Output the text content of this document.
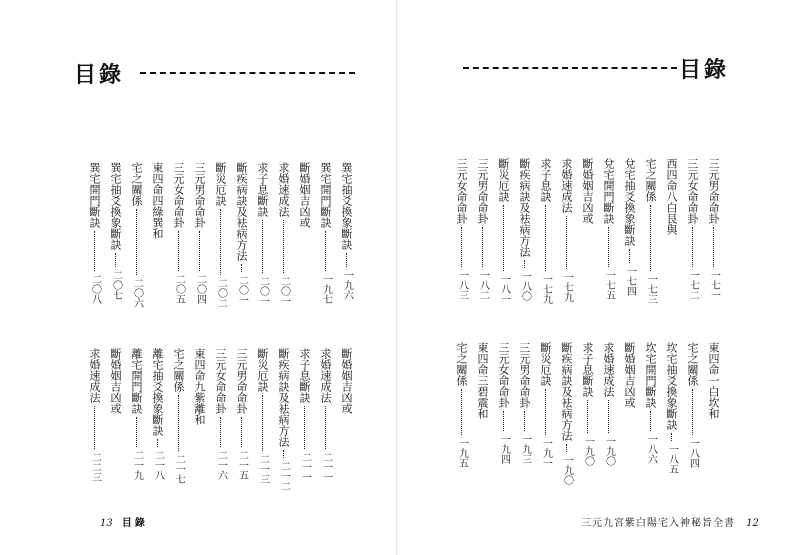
目錄
巽宅抽爻換象斷訣
一九六
巽宅開門斷訣
一九七
斷婚姻吉凶或
求婚速成法
二〇一
求子息斷訣
二〇一
斷疾病訣及袪病方法
二〇一
斷災厄訣
二〇二
三元男命命卦
二〇四
三元女命命卦
二〇五
東四命四綠巽和
宅之關係
二〇六
巽宅抽爻換象斷訣
二〇七
巽宅開門斷訣
二〇八
斷婚姻吉凶或
求婚速成法
二一一
求子息斷訣
二一一
斷疾病訣及袪病方法
二一二
斷災厄訣
二一三
三元男命命卦
二一五
三元女命命卦
二一六
東四命九紫離和
宅之關係
二一七
離宅抽爻換象斷訣
二一八
離宅開門斷訣
二一九
斷婚姻吉凶或
求婚速成法
二二三
13 目錄
目錄
三元男命命卦
一七一
三元女命命卦
一七二
西四命八白艮與
宅之關係
一七三
兌宅抽爻換象斷訣
一七四
兌宅開門斷訣
一七五
斷婚姻吉凶或
求婚速成法
一七九
求子息訣
一七九
斷疾病訣及袪病方法
一八〇
斷災厄訣
一八一
三元男命命卦
一八二
三元女命命卦
一八三
東四命一白坎和
宅之關係
一八四
坎宅抽爻換象斷訣
一八五
坎宅開門斷訣
一八六
斷婚姻吉凶或
求婚速成法
一九〇
求子息斷訣
一九〇
斷疾病訣及袪病方法
一九〇
斷災厄訣
一九一
三元男命命卦
一九三
三元女命命卦
一九四
東四命三碧震和
宅之關係
一九五
三元九宮紫白陽宅入神秘旨全書 12
